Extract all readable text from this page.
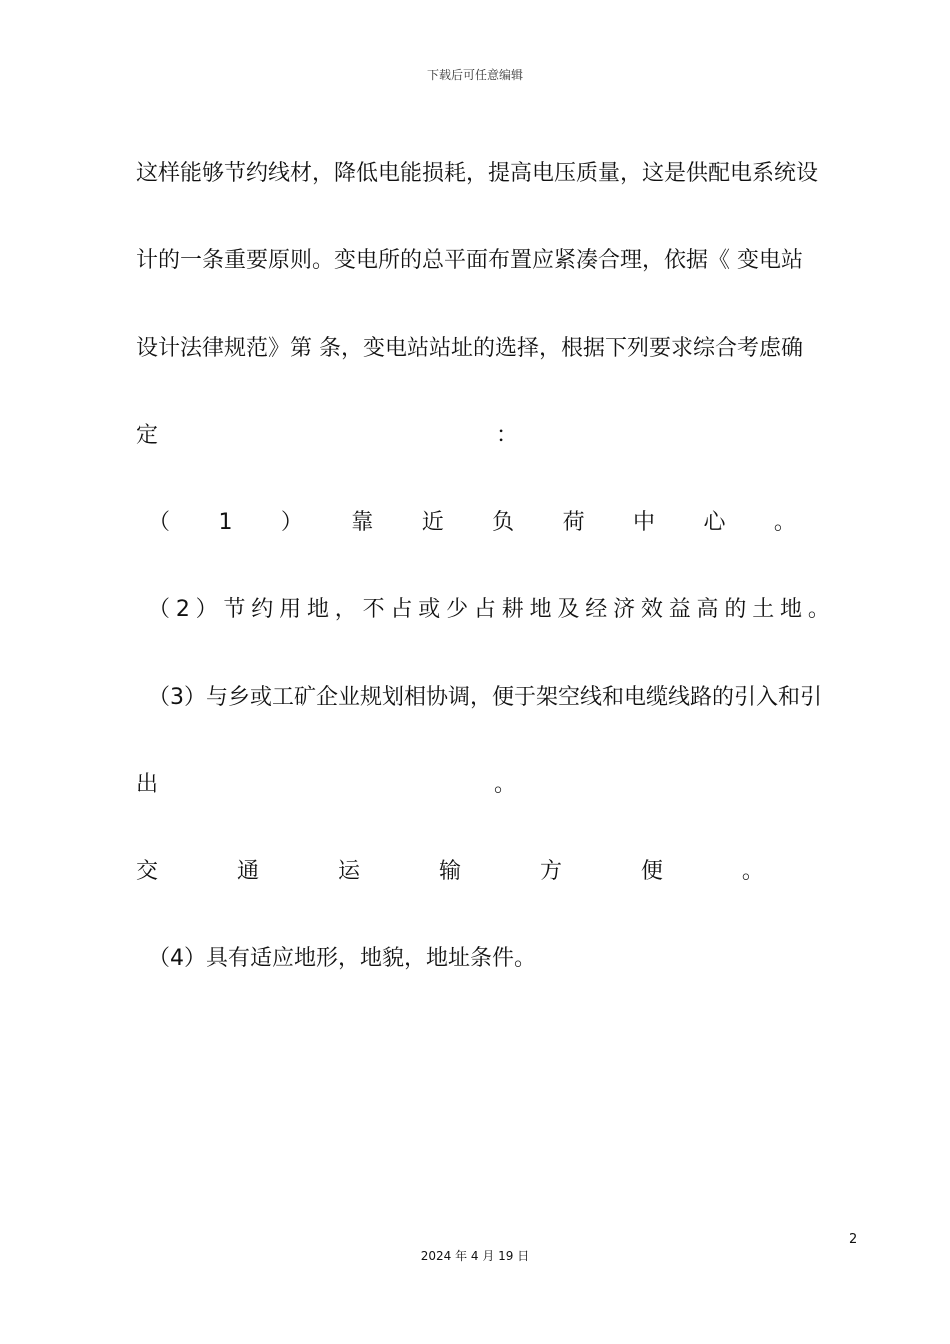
下载后可任意编辑
这样能够节约线材，降低电能损耗，提高电压质量，这是供配电系统设
计的一条重要原则。变电所的总平面布置应紧凑合理，依据《 变电站
设计法律规范》第 条，变电站站址的选择，根据下列要求综合考虑确
定	：
（ 1 ） 靠 近 负 荷 中 心 。
（ 2 ） 节 约 用 地 ， 不 占 或 少 占 耕 地 及 经 济 效 益 高 的 土 地 。
（3）与乡或工矿企业规划相协调，便于架空线和电缆线路的引入和引
出	。
交	通	运	输	方	便	。
（4）具有适应地形，地貌，地址条件。
2
2024 年 4 月 19 日
